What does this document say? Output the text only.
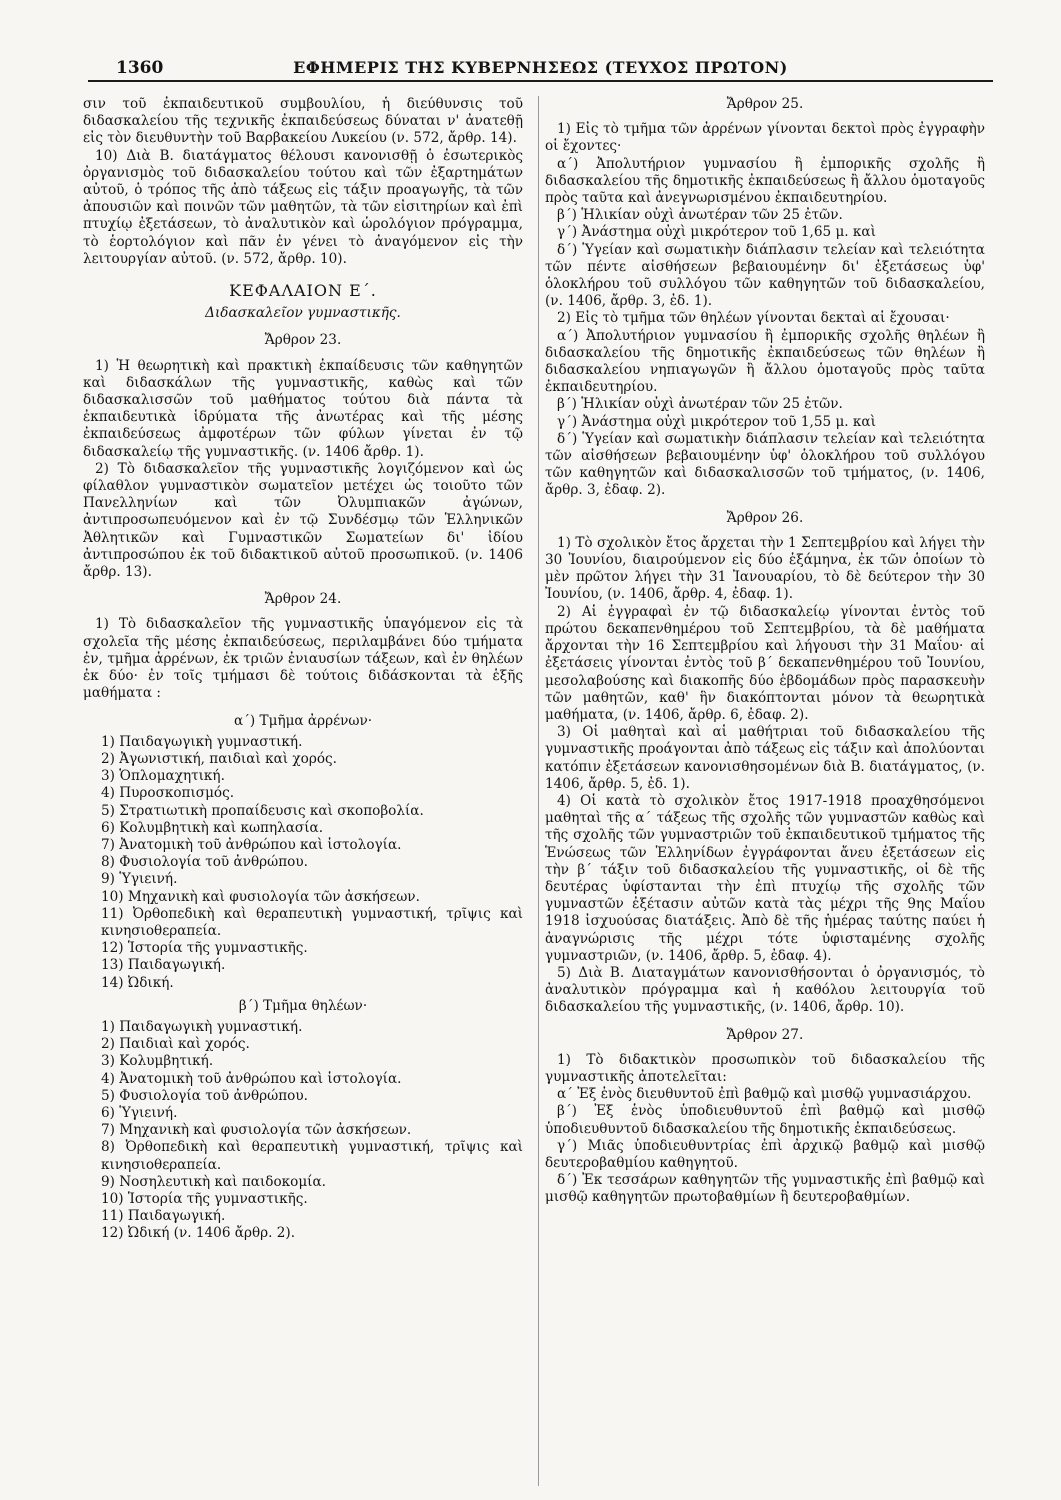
1360	ΕΦΗΜΕΡΙΣ ΤΗΣ ΚΥΒΕΡΝΗΣΕΩΣ (ΤΕΥΧΟΣ ΠΡΩΤΟΝ)

σιν τοῦ ἐκπαιδευτικοῦ συμβουλίου, ἡ διεύθυνσις τοῦ διδασκαλείου τῆς τεχνικῆς ἐκπαιδεύσεως δύναται ν' ἀνατεθῇ εἰς τὸν διευθυντὴν τοῦ Βαρβακείου Λυκείου (ν. 572, ἄρθρ. 14).

10) Διὰ Β. διατάγματος θέλουσι κανονισθῇ ὁ ἐσωτερικὸς ὀργανισμὸς τοῦ διδασκαλείου τούτου καὶ τῶν ἐξαρτημάτων αὐτοῦ, ὁ τρόπος τῆς ἀπὸ τάξεως εἰς τάξιν προαγωγῆς, τὰ τῶν ἀπουσιῶν καὶ ποινῶν τῶν μαθητῶν, τὰ τῶν εἰσιτηρίων καὶ ἐπὶ πτυχίῳ ἐξετάσεων, τὸ ἀναλυτικὸν καὶ ὡρολόγιον πρόγραμμα, τὸ ἑορτολόγιον καὶ πᾶν ἐν γένει τὸ ἀναγόμενον εἰς τὴν λειτουργίαν αὐτοῦ. (ν. 572, ἄρθρ. 10).

ΚΕΦΑΛΑΙΟΝ Ε΄.

Διδασκαλεῖον γυμναστικῆς.

Ἄρθρον 23.

1) Ἡ θεωρητικὴ καὶ πρακτικὴ ἐκπαίδευσις τῶν καθηγητῶν καὶ διδασκάλων τῆς γυμναστικῆς, καθὼς καὶ τῶν διδασκαλισσῶν τοῦ μαθήματος τούτου διὰ πάντα τὰ ἐκπαιδευτικὰ ἱδρύματα τῆς ἀνωτέρας καὶ τῆς μέσης ἐκπαιδεύσεως ἀμφοτέρων τῶν φύλων γίνεται ἐν τῷ διδασκαλείῳ τῆς γυμναστικῆς. (ν. 1406 ἄρθρ. 1).

2) Τὸ διδασκαλεῖον τῆς γυμναστικῆς λογιζόμενον καὶ ὡς φίλαθλον γυμναστικὸν σωματεῖον μετέχει ὡς τοιοῦτο τῶν Πανελληνίων καὶ τῶν Ὀλυμπιακῶν ἀγώνων, ἀντιπροσωπευόμενον καὶ ἐν τῷ Συνδέσμῳ τῶν Ἑλληνικῶν Ἀθλητικῶν καὶ Γυμναστικῶν Σωματείων δι' ἰδίου ἀντιπροσώπου ἐκ τοῦ διδακτικοῦ αὐτοῦ προσωπικοῦ. (ν. 1406 ἄρθρ. 13).

Ἄρθρον 24.

1) Τὸ διδασκαλεῖον τῆς γυμναστικῆς ὑπαγόμενον εἰς τὰ σχολεῖα τῆς μέσης ἐκπαιδεύσεως, περιλαμβάνει δύο τμήματα ἐν, τμῆμα ἀρρένων, ἐκ τριῶν ἐνιαυσίων τάξεων, καὶ ἐν θηλέων ἐκ δύο· ἐν τοῖς τμήμασι δὲ τούτοις διδάσκονται τὰ ἑξῆς μαθήματα :

α΄) Τμῆμα ἀρρένων·

1) Παιδαγωγικὴ γυμναστική.

2) Ἀγωνιστική, παιδιαὶ καὶ χορός.

3) Ὁπλομαχητική.

4) Πυροσκοπισμός.

5) Στρατιωτικὴ προπαίδευσις καὶ σκοποβολία.

6) Κολυμβητικὴ καὶ κωπηλασία.

7) Ἀνατομικὴ τοῦ ἀνθρώπου καὶ ἱστολογία.

8) Φυσιολογία τοῦ ἀνθρώπου.

9) Ὑγιεινή.

10) Μηχανικὴ καὶ φυσιολογία τῶν ἀσκήσεων.

11) Ὀρθοπεδικὴ καὶ θεραπευτικὴ γυμναστική, τρῖψις καὶ κινησιοθεραπεία.

12) Ἱστορία τῆς γυμναστικῆς.

13) Παιδαγωγική.

14) Ὠδική.

β΄) Τμῆμα θηλέων·

1) Παιδαγωγικὴ γυμναστική.

2) Παιδιαὶ καὶ χορός.

3) Κολυμβητική.

4) Ἀνατομικὴ τοῦ ἀνθρώπου καὶ ἱστολογία.

5) Φυσιολογία τοῦ ἀνθρώπου.

6) Ὑγιεινή.

7) Μηχανικὴ καὶ φυσιολογία τῶν ἀσκήσεων.

8) Ὀρθοπεδικὴ καὶ θεραπευτικὴ γυμναστική, τρῖψις καὶ κινησιοθεραπεία.

9) Νοσηλευτικὴ καὶ παιδοκομία.

10) Ἱστορία τῆς γυμναστικῆς.

11) Παιδαγωγική.

12) Ὠδική (ν. 1406 ἄρθρ. 2).

Ἄρθρον 25.

1) Εἰς τὸ τμῆμα τῶν ἀρρένων γίνονται δεκτοὶ πρὸς ἐγγραφὴν οἱ ἔχοντες·

α΄) Ἀπολυτήριον γυμνασίου ἢ ἐμπορικῆς σχολῆς ἢ διδασκαλείου τῆς δημοτικῆς ἐκπαιδεύσεως ἢ ἄλλου ὁμοταγοῦς πρὸς ταῦτα καὶ ἀνεγνωρισμένου ἐκπαιδευτηρίου.

β΄) Ἡλικίαν οὐχὶ ἀνωτέραν τῶν 25 ἐτῶν.

γ΄) Ἀνάστημα οὐχὶ μικρότερον τοῦ 1,65 μ. καὶ

δ΄) Ὑγείαν καὶ σωματικὴν διάπλασιν τελείαν καὶ τελειότητα τῶν πέντε αἰσθήσεων βεβαιουμένην δι' ἐξετάσεως ὑφ' ὁλοκλήρου τοῦ συλλόγου τῶν καθηγητῶν τοῦ διδασκαλείου, (ν. 1406, ἄρθρ. 3, ἐδ. 1).

2) Εἰς τὸ τμῆμα τῶν θηλέων γίνονται δεκταὶ αἱ ἔχουσαι·

α΄) Ἀπολυτήριον γυμνασίου ἢ ἐμπορικῆς σχολῆς θηλέων ἢ διδασκαλείου τῆς δημοτικῆς ἐκπαιδεύσεως τῶν θηλέων ἢ διδασκαλείου νηπιαγωγῶν ἢ ἄλλου ὁμοταγοῦς πρὸς ταῦτα ἐκπαιδευτηρίου.

β΄) Ἡλικίαν οὐχὶ ἀνωτέραν τῶν 25 ἐτῶν.

γ΄) Ἀνάστημα οὐχὶ μικρότερον τοῦ 1,55 μ. καὶ

δ΄) Ὑγείαν καὶ σωματικὴν διάπλασιν τελείαν καὶ τελειότητα τῶν αἰσθήσεων βεβαιουμένην ὑφ' ὁλοκλήρου τοῦ συλλόγου τῶν καθηγητῶν καὶ διδασκαλισσῶν τοῦ τμήματος, (ν. 1406, ἄρθρ. 3, ἐδαφ. 2).

Ἄρθρον 26.

1) Τὸ σχολικὸν ἔτος ἄρχεται τὴν 1 Σεπτεμβρίου καὶ λήγει τὴν 30 Ἰουνίου, διαιρούμενον εἰς δύο ἑξάμηνα, ἐκ τῶν ὁποίων τὸ μὲν πρῶτον λήγει τὴν 31 Ἰανουαρίου, τὸ δὲ δεύτερον τὴν 30 Ἰουνίου, (ν. 1406, ἄρθρ. 4, ἐδαφ. 1).

2) Αἱ ἐγγραφαὶ ἐν τῷ διδασκαλείῳ γίνονται ἐντὸς τοῦ πρώτου δεκαπενθημέρου τοῦ Σεπτεμβρίου, τὰ δὲ μαθήματα ἄρχονται τὴν 16 Σεπτεμβρίου καὶ λήγουσι τὴν 31 Μαΐου· αἱ ἐξετάσεις γίνονται ἐντὸς τοῦ β΄ δεκαπενθημέρου τοῦ Ἰουνίου, μεσολαβούσης καὶ διακοπῆς δύο ἑβδομάδων πρὸς παρασκευὴν τῶν μαθητῶν, καθ' ἣν διακόπτονται μόνον τὰ θεωρητικὰ μαθήματα, (ν. 1406, ἄρθρ. 6, ἐδαφ. 2).

3) Οἱ μαθηταὶ καὶ αἱ μαθήτριαι τοῦ διδασκαλείου τῆς γυμναστικῆς προάγονται ἀπὸ τάξεως εἰς τάξιν καὶ ἀπολύονται κατόπιν ἐξετάσεων κανονισθησομένων διὰ Β. διατάγματος, (ν. 1406, ἄρθρ. 5, ἐδ. 1).

4) Οἱ κατὰ τὸ σχολικὸν ἔτος 1917-1918 προαχθησόμενοι μαθηταὶ τῆς α΄ τάξεως τῆς σχολῆς τῶν γυμναστῶν καθὼς καὶ τῆς σχολῆς τῶν γυμναστριῶν τοῦ ἐκπαιδευτικοῦ τμήματος τῆς Ἑνώσεως τῶν Ἑλληνίδων ἐγγράφονται ἄνευ ἐξετάσεων εἰς τὴν β΄ τάξιν τοῦ διδασκαλείου τῆς γυμναστικῆς, οἱ δὲ τῆς δευτέρας ὑφίστανται τὴν ἐπὶ πτυχίῳ τῆς σχολῆς τῶν γυμναστῶν ἐξέτασιν αὐτῶν κατὰ τὰς μέχρι τῆς 9ης Μαΐου 1918 ἰσχυούσας διατάξεις. Ἀπὸ δὲ τῆς ἡμέρας ταύτης παύει ἡ ἀναγνώρισις τῆς μέχρι τότε ὑφισταμένης σχολῆς γυμναστριῶν, (ν. 1406, ἄρθρ. 5, ἐδαφ. 4).

5) Διὰ Β. Διαταγμάτων κανονισθήσονται ὁ ὀργανισμός, τὸ ἀναλυτικὸν πρόγραμμα καὶ ἡ καθόλου λειτουργία τοῦ διδασκαλείου τῆς γυμναστικῆς, (ν. 1406, ἄρθρ. 10).

Ἄρθρον 27.

1) Τὸ διδακτικὸν προσωπικὸν τοῦ διδασκαλείου τῆς γυμναστικῆς ἀποτελεῖται:

α΄ Ἐξ ἑνὸς διευθυντοῦ ἐπὶ βαθμῷ καὶ μισθῷ γυμνασιάρχου.

β΄) Ἐξ ἑνὸς ὑποδιευθυντοῦ ἐπὶ βαθμῷ καὶ μισθῷ ὑποδιευθυντοῦ διδασκαλείου τῆς δημοτικῆς ἐκπαιδεύσεως.

γ΄) Μιᾶς ὑποδιευθυντρίας ἐπὶ ἀρχικῷ βαθμῷ καὶ μισθῷ δευτεροβαθμίου καθηγητοῦ.

δ΄) Ἐκ τεσσάρων καθηγητῶν τῆς γυμναστικῆς ἐπὶ βαθμῷ καὶ μισθῷ καθηγητῶν πρωτοβαθμίων ἢ δευτεροβαθμίων.
